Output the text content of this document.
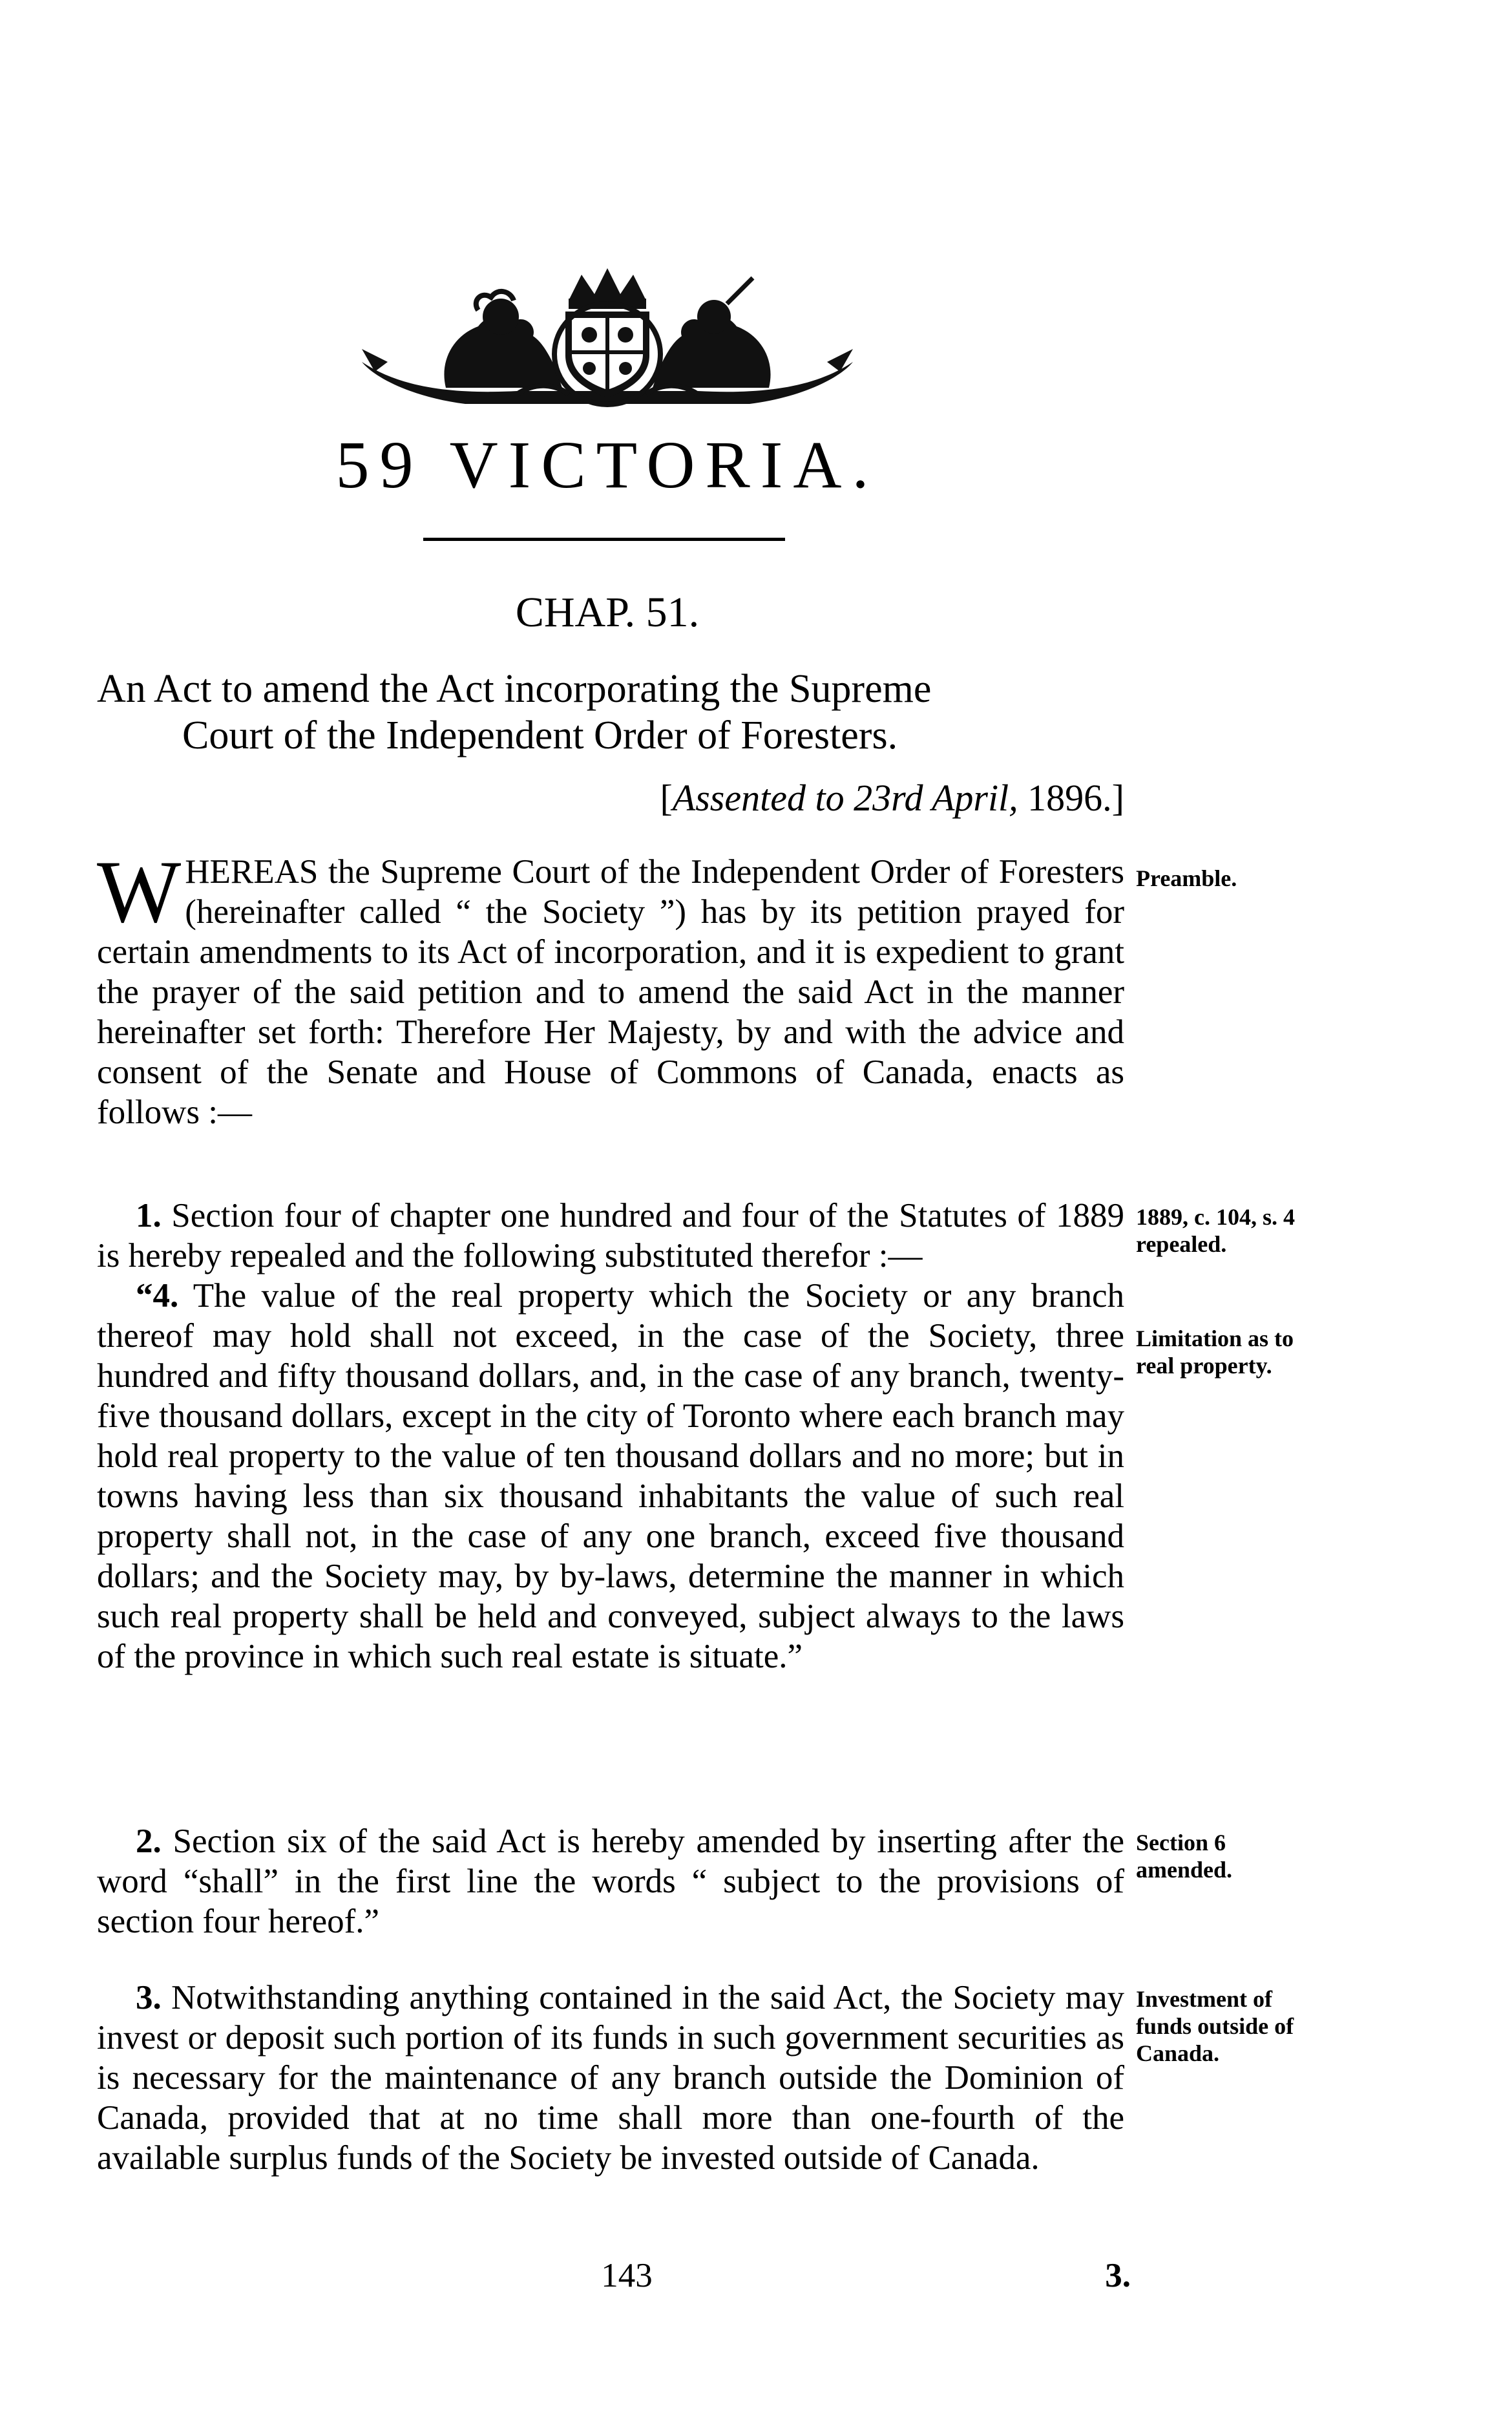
59 VICTORIA.
CHAP. 51.
An Act to amend the Act incorporating the Supreme
Court of the Independent Order of Foresters.
[Assented to 23rd April, 1896.]

WHEREAS the Supreme Court of the Independent Order of Foresters (hereinafter called “ the Society ”) has by its petition prayed for certain amendments to its Act of incorporation, and it is expedient to grant the prayer of the said petition and to amend the said Act in the manner hereinafter set forth: Therefore Her Majesty, by and with the advice and consent of the Senate and House of Commons of Canada, enacts as follows :—

Preamble.

1. Section four of chapter one hundred and four of the Statutes of 1889 is hereby repealed and the following substituted therefor :—

“4. The value of the real property which the Society or any branch thereof may hold shall not exceed, in the case of the Society, three hundred and fifty thousand dollars, and, in the case of any branch, twenty-five thousand dollars, except in the city of Toronto where each branch may hold real property to the value of ten thousand dollars and no more; but in towns having less than six thousand inhabitants the value of such real property shall not, in the case of any one branch, exceed five thousand dollars; and the Society may, by by-laws, determine the manner in which such real property shall be held and conveyed, subject always to the laws of the province in which such real estate is situate.”

1889, c. 104, s. 4 repealed.
Limitation as to real property.

2. Section six of the said Act is hereby amended by inserting after the word “shall” in the first line the words “ subject to the provisions of section four hereof.”

Section 6 amended.

3. Notwithstanding anything contained in the said Act, the Society may invest or deposit such portion of its funds in such government securities as is necessary for the maintenance of any branch outside the Dominion of Canada, provided that at no time shall more than one-fourth of the available surplus funds of the Society be invested outside of Canada.

Investment of funds outside of Canada.
143	3.
